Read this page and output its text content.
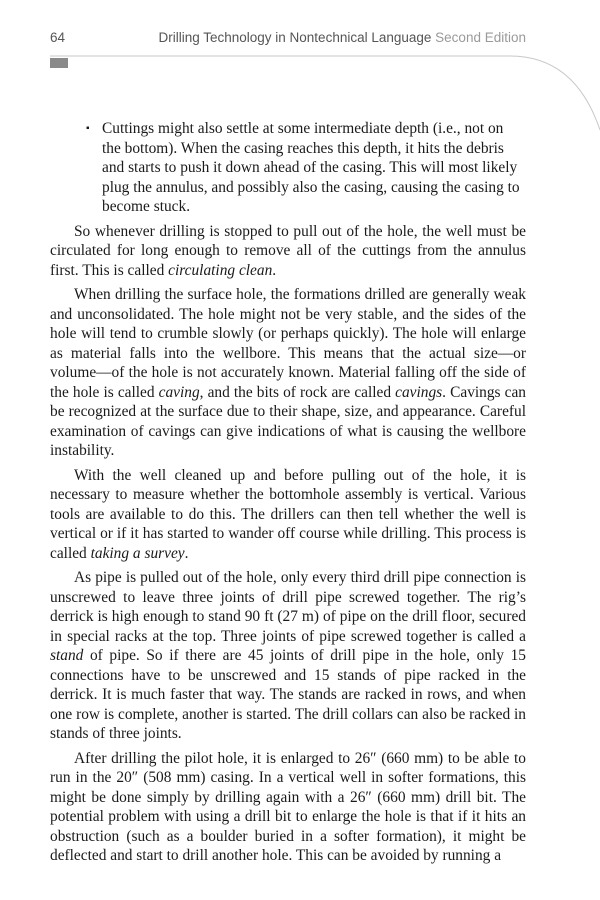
64	Drilling Technology in Nontechnical Language Second Edition
▪ Cuttings might also settle at some intermediate depth (i.e., not on the bottom). When the casing reaches this depth, it hits the debris and starts to push it down ahead of the casing. This will most likely plug the annulus, and possibly also the casing, causing the casing to become stuck.

So whenever drilling is stopped to pull out of the hole, the well must be circulated for long enough to remove all of the cuttings from the annulus first. This is called circulating clean.

When drilling the surface hole, the formations drilled are generally weak and unconsolidated. The hole might not be very stable, and the sides of the hole will tend to crumble slowly (or perhaps quickly). The hole will enlarge as material falls into the wellbore. This means that the actual size—or volume—of the hole is not accurately known. Material falling off the side of the hole is called caving, and the bits of rock are called cavings. Cavings can be recognized at the surface due to their shape, size, and appearance. Careful examination of cavings can give indications of what is causing the wellbore instability.

With the well cleaned up and before pulling out of the hole, it is necessary to measure whether the bottomhole assembly is vertical. Various tools are available to do this. The drillers can then tell whether the well is vertical or if it has started to wander off course while drilling. This process is called taking a survey.

As pipe is pulled out of the hole, only every third drill pipe connection is unscrewed to leave three joints of drill pipe screwed together. The rig’s derrick is high enough to stand 90 ft (27 m) of pipe on the drill floor, secured in special racks at the top. Three joints of pipe screwed together is called a stand of pipe. So if there are 45 joints of drill pipe in the hole, only 15 connections have to be unscrewed and 15 stands of pipe racked in the derrick. It is much faster that way. The stands are racked in rows, and when one row is complete, another is started. The drill collars can also be racked in stands of three joints.

After drilling the pilot hole, it is enlarged to 26″ (660 mm) to be able to run in the 20″ (508 mm) casing. In a vertical well in softer formations, this might be done simply by drilling again with a 26″ (660 mm) drill bit. The potential problem with using a drill bit to enlarge the hole is that if it hits an obstruction (such as a boulder buried in a softer formation), it might be deflected and start to drill another hole. This can be avoided by running a
